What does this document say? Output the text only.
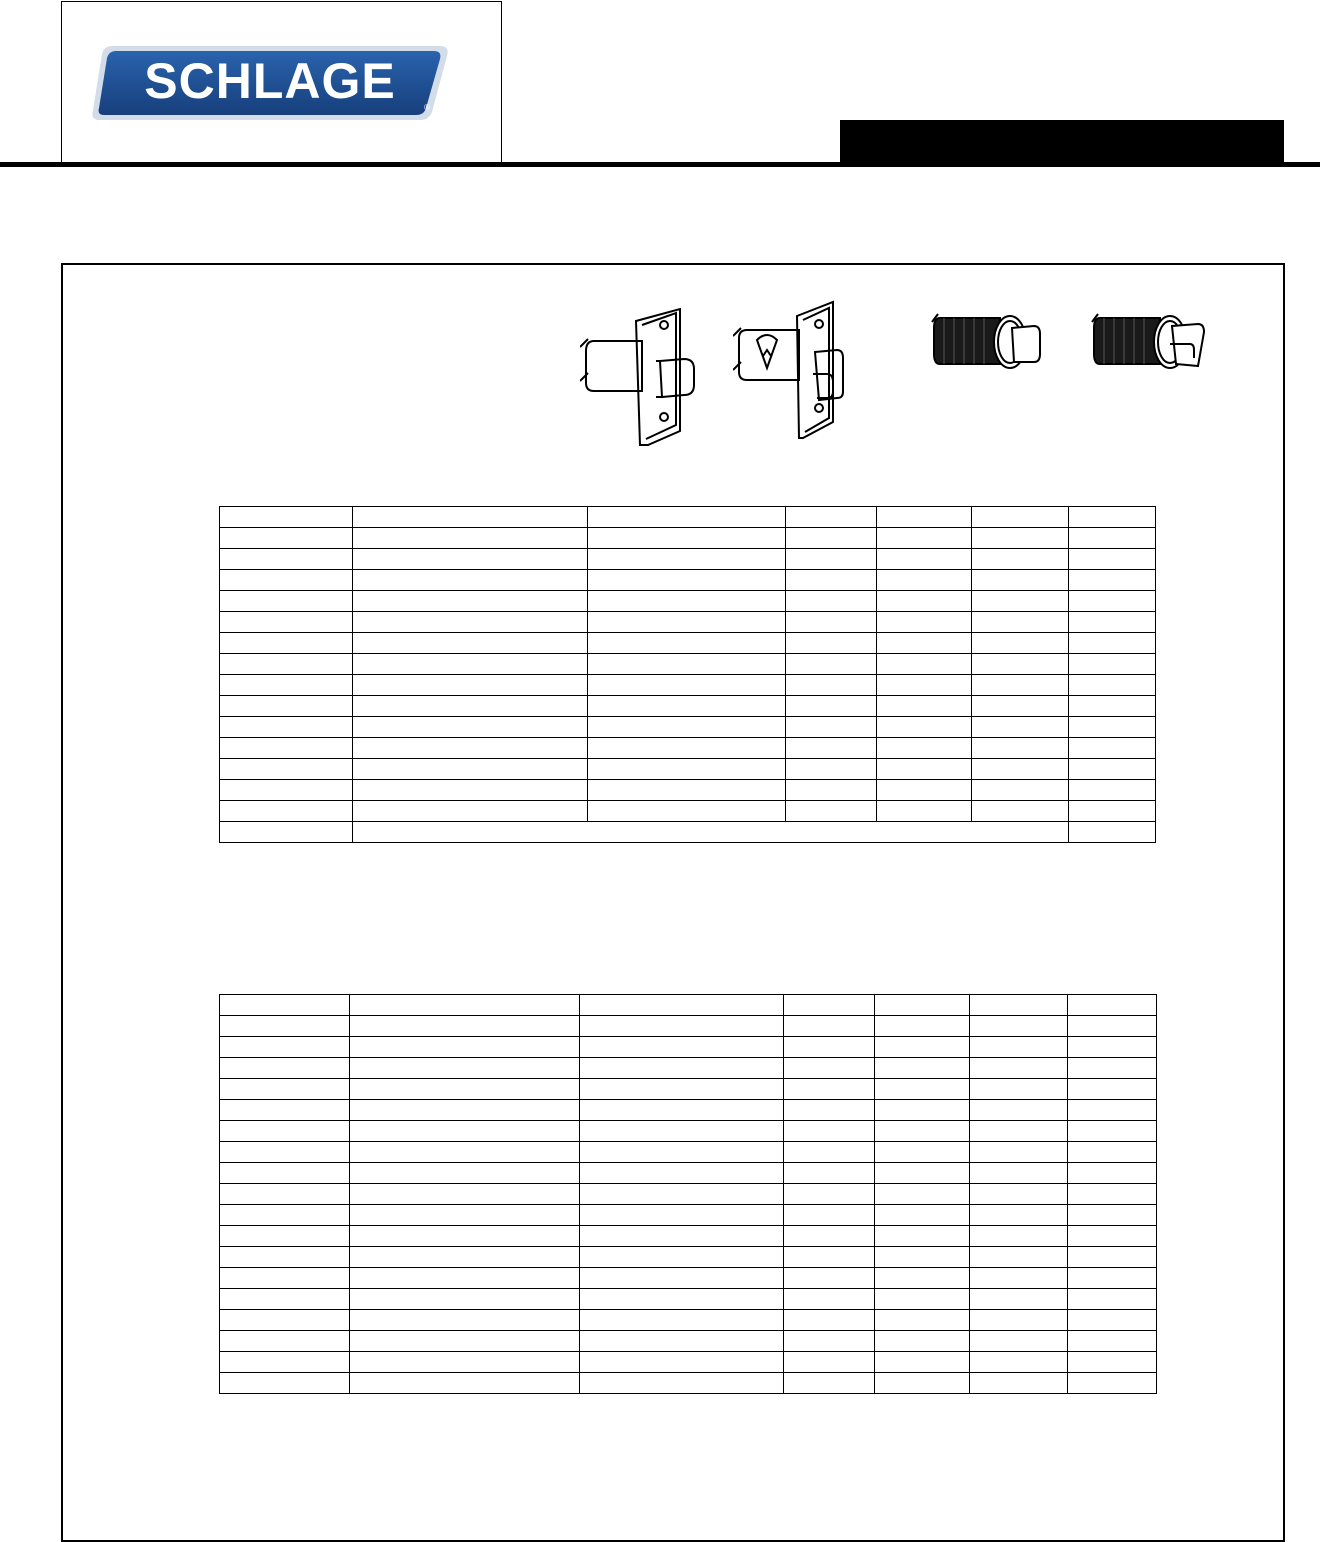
SCHLAGE	®
